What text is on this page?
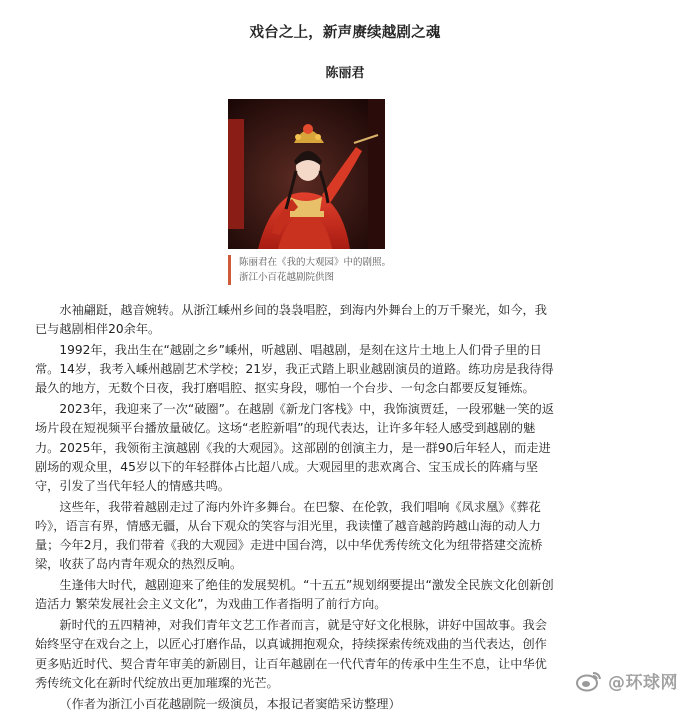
戏台之上，新声赓续越剧之魂
陈丽君
陈丽君在《我的大观园》中的剧照。
浙江小百花越剧院供图

水袖翩跹，越音婉转。从浙江嵊州乡间的袅袅唱腔，到海内外舞台上的万千聚光，如今，我已与越剧相伴20余年。

1992年，我出生在“越剧之乡”嵊州，听越剧、唱越剧，是刻在这片土地上人们骨子里的日常。14岁，我考入嵊州越剧艺术学校；21岁，我正式踏上职业越剧演员的道路。练功房是我待得最久的地方，无数个日夜，我打磨唱腔、抠实身段，哪怕一个台步、一句念白都要反复锤炼。

2023年，我迎来了一次“破圈”。在越剧《新龙门客栈》中，我饰演贾廷，一段邪魅一笑的返场片段在短视频平台播放量破亿。这场“老腔新唱”的现代表达，让许多年轻人感受到越剧的魅力。2025年，我领衔主演越剧《我的大观园》。这部剧的创演主力，是一群90后年轻人，而走进剧场的观众里，45岁以下的年轻群体占比超八成。大观园里的悲欢离合、宝玉成长的阵痛与坚守，引发了当代年轻人的情感共鸣。

这些年，我带着越剧走过了海内外许多舞台。在巴黎、在伦敦，我们唱响《凤求凰》《葬花吟》，语言有界，情感无疆，从台下观众的笑容与泪光里，我读懂了越音越韵跨越山海的动人力量；今年2月，我们带着《我的大观园》走进中国台湾，以中华优秀传统文化为纽带搭建交流桥梁，收获了岛内青年观众的热烈反响。

生逢伟大时代，越剧迎来了绝佳的发展契机。“十五五”规划纲要提出“激发全民族文化创新创造活力 繁荣发展社会主义文化”，为戏曲工作者指明了前行方向。

新时代的五四精神，对我们青年文艺工作者而言，就是守好文化根脉，讲好中国故事。我会始终坚守在戏台之上，以匠心打磨作品，以真诚拥抱观众，持续探索传统戏曲的当代表达，创作更多贴近时代、契合青年审美的新剧目，让百年越剧在一代代青年的传承中生生不息，让中华优秀传统文化在新时代绽放出更加璀璨的光芒。

（作者为浙江小百花越剧院一级演员，本报记者窦皓采访整理）

@环球网
